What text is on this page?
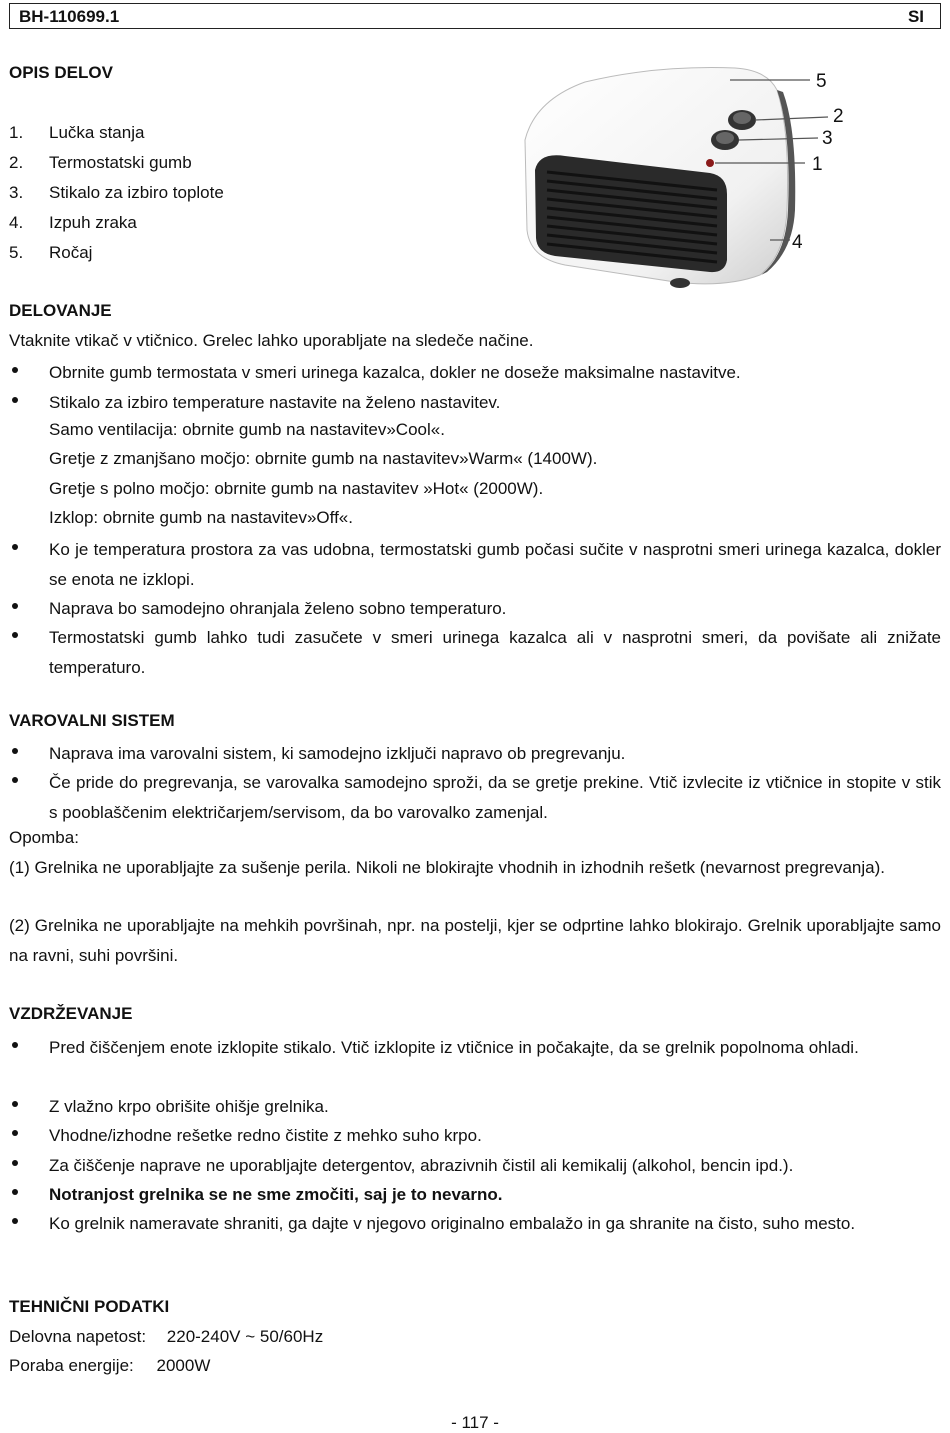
BH-110699.1	SI
OPIS DELOV
1. Lučka stanja
2. Termostatski gumb
3. Stikalo za izbiro toplote
4. Izpuh zraka
5. Ročaj
5
2
3
1
4
DELOVANJE
Vtaknite vtikač v vtičnico. Grelec lahko uporabljate na sledeče načine.
Obrnite gumb termostata v smeri urinega kazalca, dokler ne doseže maksimalne nastavitve.
Stikalo za izbiro temperature nastavite na želeno nastavitev.
Samo ventilacija: obrnite gumb na nastavitev»Cool«.
Gretje z zmanjšano močjo: obrnite gumb na nastavitev»Warm« (1400W).
Gretje s polno močjo: obrnite gumb na nastavitev »Hot« (2000W).
Izklop: obrnite gumb na nastavitev»Off«.
Ko je temperatura prostora za vas udobna, termostatski gumb počasi sučite v nasprotni smeri urinega kazalca, dokler se enota ne izklopi.
Naprava bo samodejno ohranjala želeno sobno temperaturo.
Termostatski gumb lahko tudi zasučete v smeri urinega kazalca ali v nasprotni smeri, da povišate ali znižate temperaturo.
VAROVALNI SISTEM
Naprava ima varovalni sistem, ki samodejno izključi napravo ob pregrevanju.
Če pride do pregrevanja, se varovalka samodejno sproži, da se gretje prekine. Vtič izvlecite iz vtičnice in stopite v stik s pooblaščenim električarjem/servisom, da bo varovalko zamenjal.
Opomba:
(1) Grelnika ne uporabljajte za sušenje perila. Nikoli ne blokirajte vhodnih in izhodnih rešetk (nevarnost pregrevanja).
(2) Grelnika ne uporabljajte na mehkih površinah, npr. na postelji, kjer se odprtine lahko blokirajo. Grelnik uporabljajte samo na ravni, suhi površini.
VZDRŽEVANJE
Pred čiščenjem enote izklopite stikalo. Vtič izklopite iz vtičnice in počakajte, da se grelnik popolnoma ohladi.
Z vlažno krpo obrišite ohišje grelnika.
Vhodne/izhodne rešetke redno čistite z mehko suho krpo.
Za čiščenje naprave ne uporabljajte detergentov, abrazivnih čistil ali kemikalij (alkohol, bencin ipd.).
Notranjost grelnika se ne sme zmočiti, saj je to nevarno.
Ko grelnik nameravate shraniti, ga dajte v njegovo originalno embalažo in ga shranite na čisto, suho mesto.
TEHNIČNI PODATKI
Delovna napetost: 220-240V ~ 50/60Hz
Poraba energije: 2000W
- 117 -
